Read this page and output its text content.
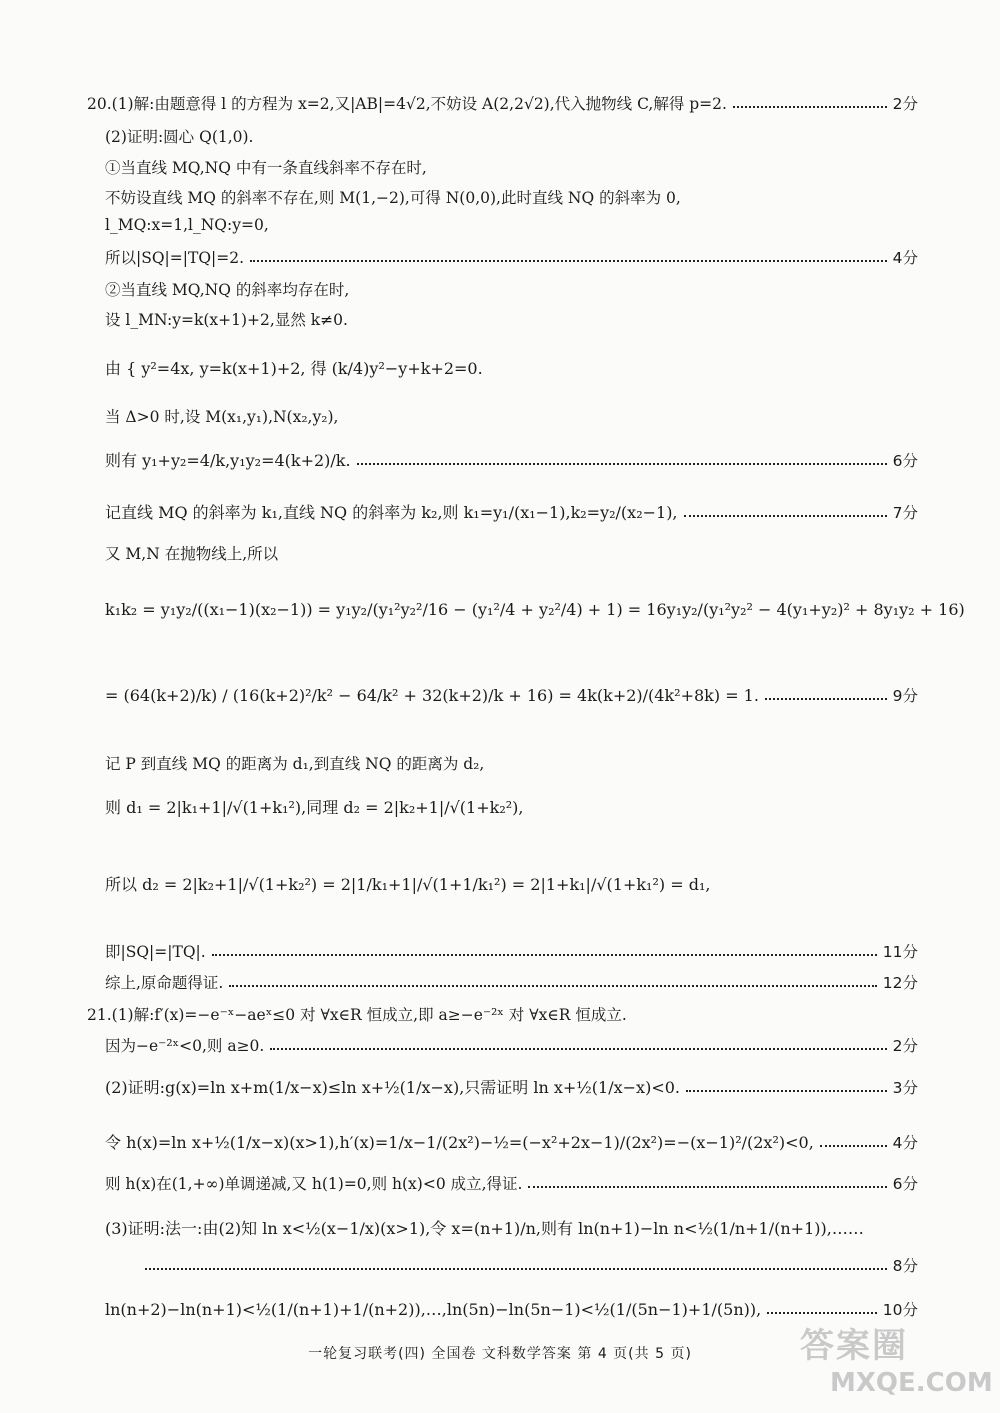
20.(1)解:由题意得 l 的方程为 x=2,又|AB|=4√2,不妨设 A(2,2√2),代入抛物线 C,解得 p=2.	2分
(2)证明:圆心 Q(1,0).
①当直线 MQ,NQ 中有一条直线斜率不存在时,
不妨设直线 MQ 的斜率不存在,则 M(1,−2),可得 N(0,0),此时直线 NQ 的斜率为 0,
l_MQ:x=1,l_NQ:y=0,
所以|SQ|=|TQ|=2.	4分
②当直线 MQ,NQ 的斜率均存在时,
设 l_MN:y=k(x+1)+2,显然 k≠0.
由 { y²=4x, y=k(x+1)+2, 得 (k/4)y²−y+k+2=0.
当 Δ>0 时,设 M(x₁,y₁),N(x₂,y₂),
则有 y₁+y₂=4/k,y₁y₂=4(k+2)/k.	6分
记直线 MQ 的斜率为 k₁,直线 NQ 的斜率为 k₂,则 k₁=y₁/(x₁−1),k₂=y₂/(x₂−1),	7分
又 M,N 在抛物线上,所以
k₁k₂ = y₁y₂/((x₁−1)(x₂−1)) = y₁y₂/(y₁²y₂²/16 − (y₁²/4 + y₂²/4) + 1) = 16y₁y₂/(y₁²y₂² − 4(y₁+y₂)² + 8y₁y₂ + 16)
= (64(k+2)/k) / (16(k+2)²/k² − 64/k² + 32(k+2)/k + 16) = 4k(k+2)/(4k²+8k) = 1.	9分
记 P 到直线 MQ 的距离为 d₁,到直线 NQ 的距离为 d₂,
则 d₁ = 2|k₁+1|/√(1+k₁²),同理 d₂ = 2|k₂+1|/√(1+k₂²),
所以 d₂ = 2|k₂+1|/√(1+k₂²) = 2|1/k₁+1|/√(1+1/k₁²) = 2|1+k₁|/√(1+k₁²) = d₁,
即|SQ|=|TQ|.	11分
综上,原命题得证.	12分
21.(1)解:f′(x)=−e⁻ˣ−aeˣ≤0 对 ∀x∈R 恒成立,即 a≥−e⁻²ˣ 对 ∀x∈R 恒成立.
因为−e⁻²ˣ<0,则 a≥0.	2分
(2)证明:g(x)=ln x+m(1/x−x)≤ln x+½(1/x−x),只需证明 ln x+½(1/x−x)<0.	3分
令 h(x)=ln x+½(1/x−x)(x>1),h′(x)=1/x−1/(2x²)−½=(−x²+2x−1)/(2x²)=−(x−1)²/(2x²)<0,	4分
则 h(x)在(1,+∞)单调递减,又 h(1)=0,则 h(x)<0 成立,得证.	6分
(3)证明:法一:由(2)知 ln x<½(x−1/x)(x>1),令 x=(n+1)/n,则有 ln(n+1)−ln n<½(1/n+1/(n+1)),……
8分
ln(n+2)−ln(n+1)<½(1/(n+1)+1/(n+2)),…,ln(5n)−ln(5n−1)<½(1/(5n−1)+1/(5n)),	10分
一轮复习联考(四) 全国卷 文科数学答案 第 4 页(共 5 页)	答案圈
MXQE.COM
